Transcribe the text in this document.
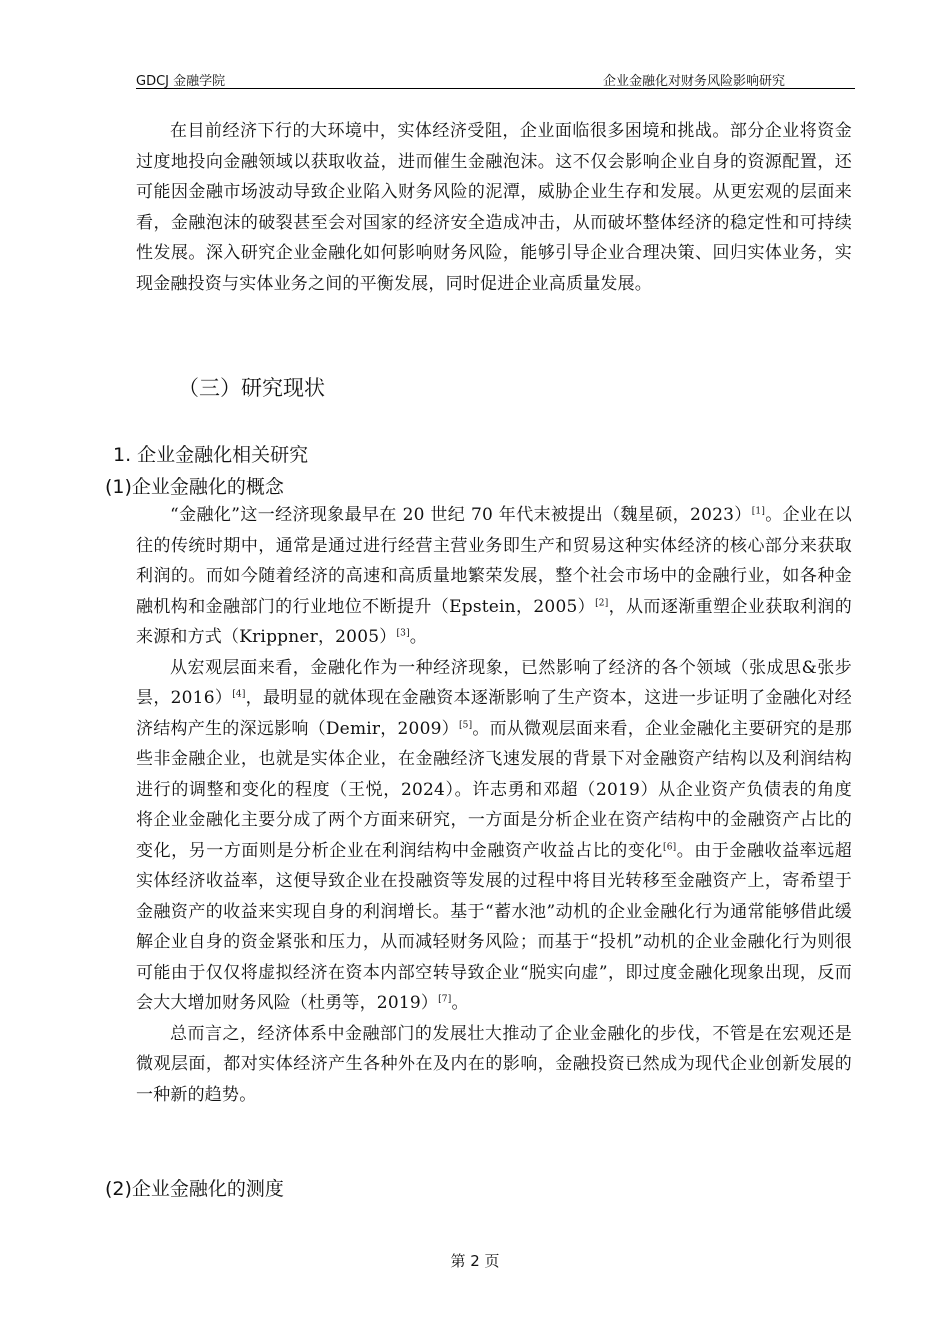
GDCJ 金融学院	企业金融化对财务风险影响研究

在目前经济下行的大环境中，实体经济受阻，企业面临很多困境和挑战。部分企业将资金过度地投向金融领域以获取收益，进而催生金融泡沫。这不仅会影响企业自身的资源配置，还可能因金融市场波动导致企业陷入财务风险的泥潭，威胁企业生存和发展。从更宏观的层面来看，金融泡沫的破裂甚至会对国家的经济安全造成冲击，从而破坏整体经济的稳定性和可持续性发展。深入研究企业金融化如何影响财务风险，能够引导企业合理决策、回归实体业务，实现金融投资与实体业务之间的平衡发展，同时促进企业高质量发展。

（三）研究现状
1. 企业金融化相关研究
(1)企业金融化的概念

“金融化”这一经济现象最早在 20 世纪 70 年代末被提出（魏星硕，2023）[1]。企业在以往的传统时期中，通常是通过进行经营主营业务即生产和贸易这种实体经济的核心部分来获取利润的。而如今随着经济的高速和高质量地繁荣发展，整个社会市场中的金融行业，如各种金融机构和金融部门的行业地位不断提升（Epstein，2005）[2]，从而逐渐重塑企业获取利润的来源和方式（Krippner，2005）[3]。

从宏观层面来看，金融化作为一种经济现象，已然影响了经济的各个领域（张成思&张步昙，2016）[4]，最明显的就体现在金融资本逐渐影响了生产资本，这进一步证明了金融化对经济结构产生的深远影响（Demir，2009）[5]。而从微观层面来看，企业金融化主要研究的是那些非金融企业，也就是实体企业，在金融经济飞速发展的背景下对金融资产结构以及利润结构进行的调整和变化的程度（王悦，2024）。许志勇和邓超（2019）从企业资产负债表的角度将企业金融化主要分成了两个方面来研究，一方面是分析企业在资产结构中的金融资产占比的变化，另一方面则是分析企业在利润结构中金融资产收益占比的变化[6]。由于金融收益率远超实体经济收益率，这便导致企业在投融资等发展的过程中将目光转移至金融资产上，寄希望于金融资产的收益来实现自身的利润增长。基于“蓄水池”动机的企业金融化行为通常能够借此缓解企业自身的资金紧张和压力，从而减轻财务风险；而基于“投机”动机的企业金融化行为则很可能由于仅仅将虚拟经济在资本内部空转导致企业“脱实向虚”，即过度金融化现象出现，反而会大大增加财务风险（杜勇等，2019）[7]。

总而言之，经济体系中金融部门的发展壮大推动了企业金融化的步伐，不管是在宏观还是微观层面，都对实体经济产生各种外在及内在的影响，金融投资已然成为现代企业创新发展的一种新的趋势。

(2)企业金融化的测度
第 2 页
